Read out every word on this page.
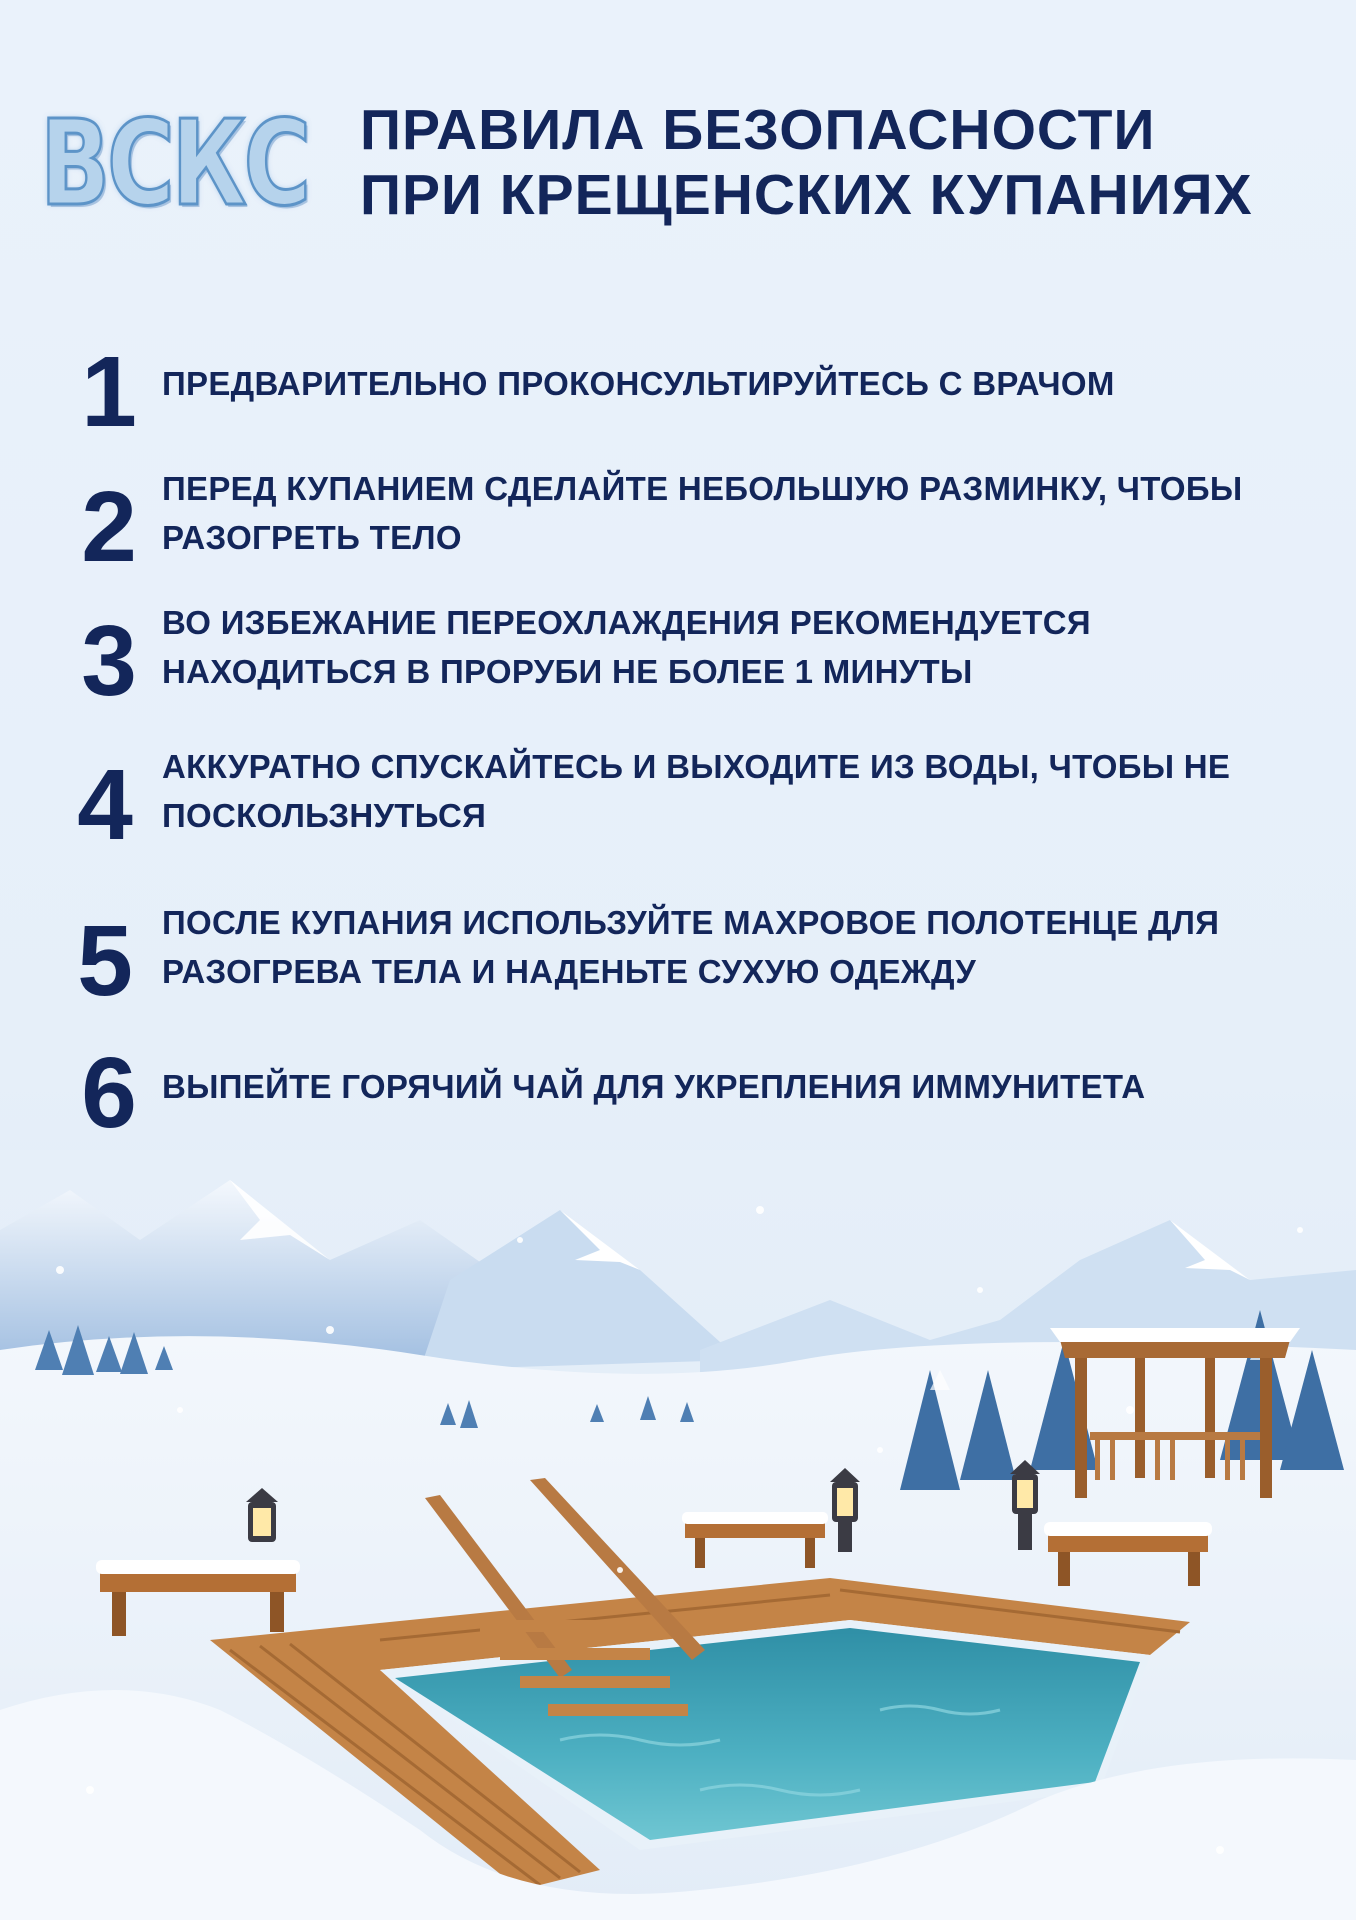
ВСКС ПРАВИЛА БЕЗОПАСНОСТИ
ПРИ КРЕЩЕНСКИХ КУПАНИЯХ
1 ПРЕДВАРИТЕЛЬНО ПРОКОНСУЛЬТИРУЙТЕСЬ С ВРАЧОМ
2 ПЕРЕД КУПАНИЕМ СДЕЛАЙТЕ НЕБОЛЬШУЮ РАЗМИНКУ, ЧТОБЫ РАЗОГРЕТЬ ТЕЛО
3 ВО ИЗБЕЖАНИЕ ПЕРЕОХЛАЖДЕНИЯ РЕКОМЕНДУЕТСЯ НАХОДИТЬСЯ В ПРОРУБИ НЕ БОЛЕЕ 1 МИНУТЫ
4 АККУРАТНО СПУСКАЙТЕСЬ И ВЫХОДИТЕ ИЗ ВОДЫ, ЧТОБЫ НЕ ПОСКОЛЬЗНУТЬСЯ
5 ПОСЛЕ КУПАНИЯ ИСПОЛЬЗУЙТЕ МАХРОВОЕ ПОЛОТЕНЦЕ ДЛЯ РАЗОГРЕВА ТЕЛА И НАДЕНЬТЕ СУХУЮ ОДЕЖДУ
6 ВЫПЕЙТЕ ГОРЯЧИЙ ЧАЙ ДЛЯ УКРЕПЛЕНИЯ ИММУНИТЕТА
